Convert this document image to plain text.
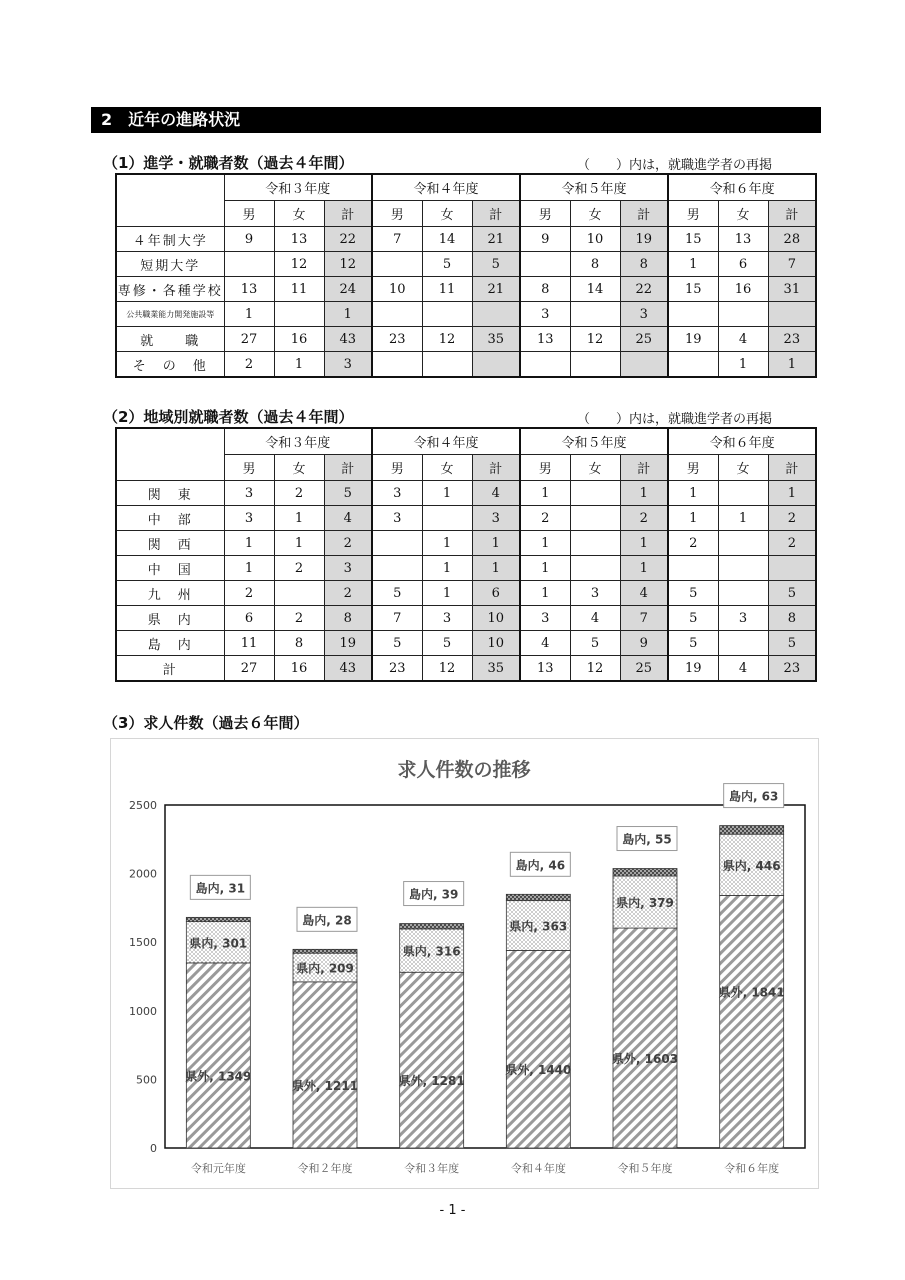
2　近年の進路状況
（1）進学・就職者数（過去４年間）	（　　）内は，就職進学者の再掲
	令和３年度			令和４年度			令和５年度			令和６年度		
	男	女	計	男	女	計	男	女	計	男	女	計
４年制大学	9	13	22	7	14	21	9	10	19	15	13	28
短期大学		12	12		5	5		8	8	1	6	7
専修・各種学校	13	11	24	10	11	21	8	14	22	15	16	31
公共職業能力開発施設等	1		1				3		3			
就　　職	27	16	43	23	12	35	13	12	25	19	4	23
そ　の　他	2	1	3								1	1
（2）地域別就職者数（過去４年間）	（　　）内は，就職進学者の再掲
	令和３年度			令和４年度			令和５年度			令和６年度		
	男	女	計	男	女	計	男	女	計	男	女	計
関　東	3	2	5	3	1	4	1		1	1		1
中　部	3	1	4	3		3	2		2	1	1	2
関　西	1	1	2		1	1	1		1	2		2
中　国	1	2	3		1	1	1		1			
九　州	2		2	5	1	6	1	3	4	5		5
県　内	6	2	8	7	3	10	3	4	7	5	3	8
島　内	11	8	19	5	5	10	4	5	9	5		5
計	27	16	43	23	12	35	13	12	25	19	4	23
（3）求人件数（過去６年間）
求人件数の推移
0
500
1000
1500
2000
2500
令和元年度
県外, 1349
県内, 301
島内, 31
令和２年度
県外, 1211
県内, 209
島内, 28
令和３年度
県外, 1281
県内, 316
島内, 39
令和４年度
県外, 1440
県内, 363
島内, 46
令和５年度
県外, 1603
県内, 379
島内, 55
令和６年度
県外, 1841
県内, 446
島内, 63
- 1 -
